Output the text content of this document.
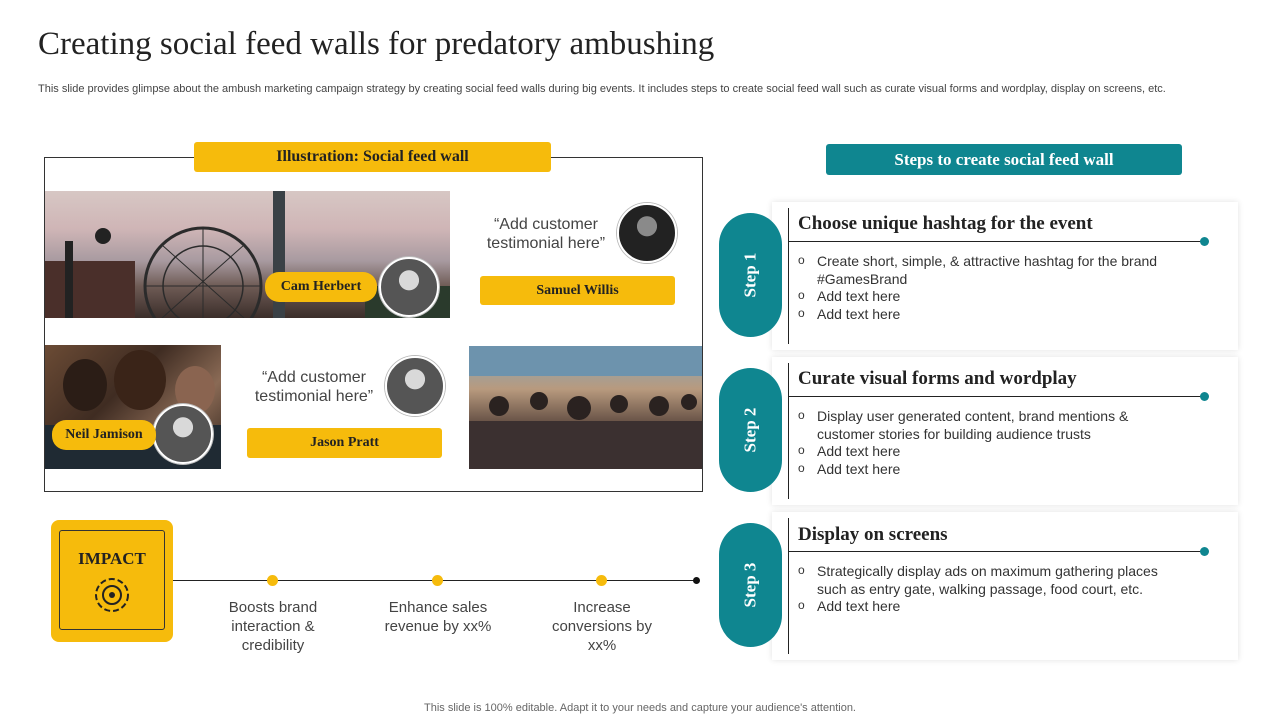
Creating social feed walls for predatory ambushing
This slide provides glimpse about the ambush marketing campaign strategy by creating social feed walls during big events. It includes steps to create social feed wall such as curate visual forms and wordplay, display on screens, etc.
Illustration: Social feed wall
Cam Herbert
“Add customer testimonial here”
Samuel Willis
Neil Jamison
“Add customer testimonial here”
Jason Pratt
IMPACT
Boosts brand interaction & credibility
Enhance sales revenue by xx%
Increase conversions by xx%
Steps to create social feed wall
Step 1
Choose unique hashtag for the event
o Create short, simple, & attractive hashtag for the brand #GamesBrand
o Add text here
o Add text here
Step 2
Curate visual forms and wordplay
o Display user generated content, brand mentions & customer stories for building audience trusts
o Add text here
o Add text here
Step 3
Display on screens
o Strategically display ads on maximum gathering places such as entry gate, walking passage, food court, etc.
o Add text here
This slide is 100% editable. Adapt it to your needs and capture your audience's attention.
